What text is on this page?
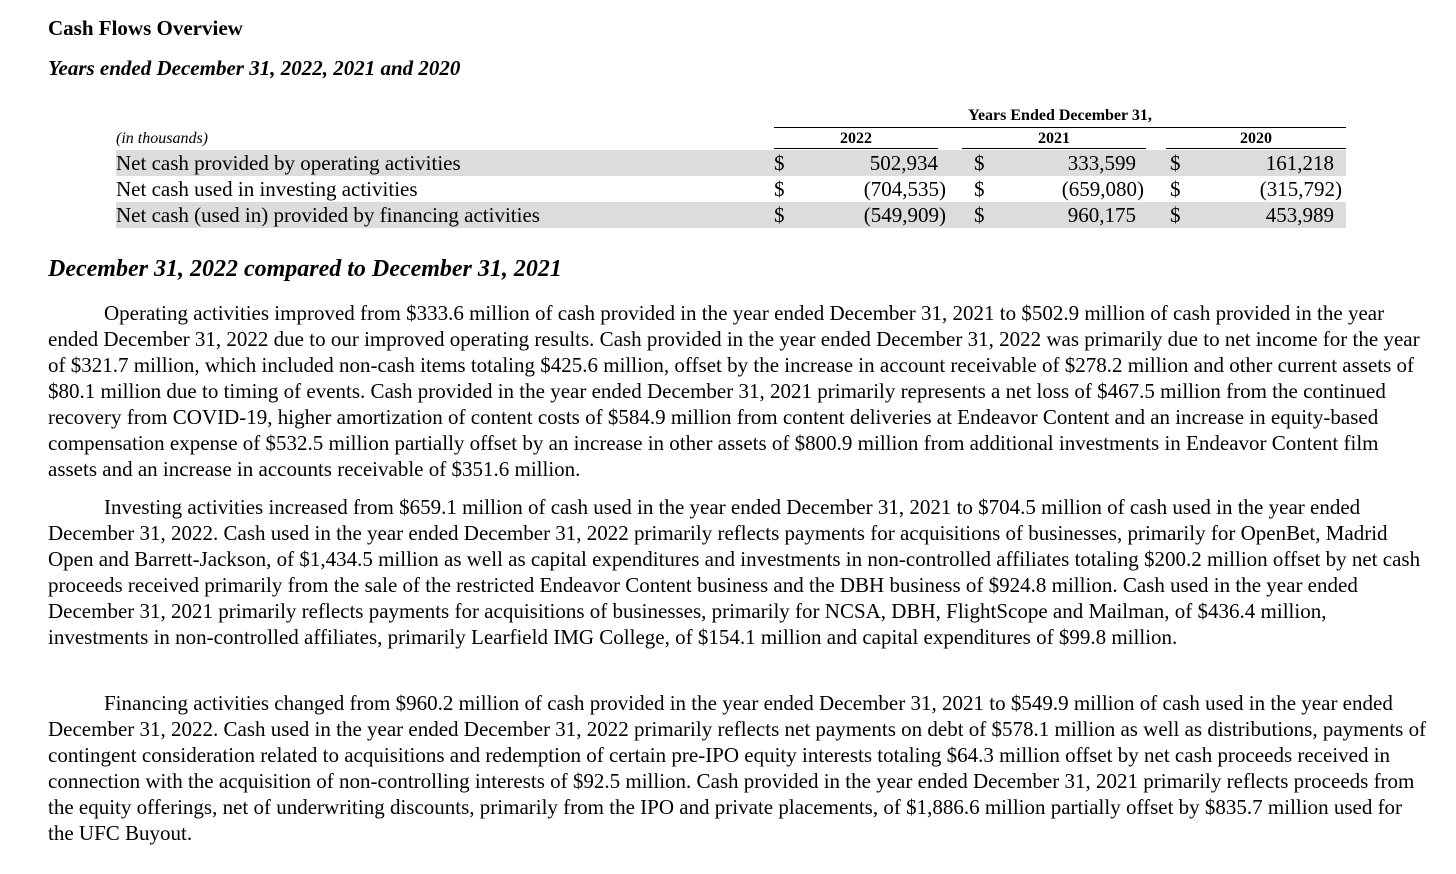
Cash Flows Overview
Years ended December 31, 2022, 2021 and 2020
Years Ended December 31,
(in thousands)	2022	2021	2020
Net cash provided by operating activities	$	502,934 $	333,599 $	161,218
Net cash used in investing activities	$	(704,535) $	(659,080) $	(315,792)
Net cash (used in) provided by financing activities	$	(549,909) $	960,175 $	453,989
December 31, 2022 compared to December 31, 2021

Operating activities improved from $333.6 million of cash provided in the year ended December 31, 2021 to $502.9 million of cash provided in the year ended December 31, 2022 due to our improved operating results. Cash provided in the year ended December 31, 2022 was primarily due to net income for the year of $321.7 million, which included non-cash items totaling $425.6 million, offset by the increase in account receivable of $278.2 million and other current assets of $80.1 million due to timing of events. Cash provided in the year ended December 31, 2021 primarily represents a net loss of $467.5 million from the continued recovery from COVID-19, higher amortization of content costs of $584.9 million from content deliveries at Endeavor Content and an increase in equity-based compensation expense of $532.5 million partially offset by an increase in other assets of $800.9 million from additional investments in Endeavor Content film assets and an increase in accounts receivable of $351.6 million.

Investing activities increased from $659.1 million of cash used in the year ended December 31, 2021 to $704.5 million of cash used in the year ended December 31, 2022. Cash used in the year ended December 31, 2022 primarily reflects payments for acquisitions of businesses, primarily for OpenBet, Madrid Open and Barrett-Jackson, of $1,434.5 million as well as capital expenditures and investments in non-controlled affiliates totaling $200.2 million offset by net cash proceeds received primarily from the sale of the restricted Endeavor Content business and the DBH business of $924.8 million. Cash used in the year ended December 31, 2021 primarily reflects payments for acquisitions of businesses, primarily for NCSA, DBH, FlightScope and Mailman, of $436.4 million, investments in non-controlled affiliates, primarily Learfield IMG College, of $154.1 million and capital expenditures of $99.8 million.

Financing activities changed from $960.2 million of cash provided in the year ended December 31, 2021 to $549.9 million of cash used in the year ended December 31, 2022. Cash used in the year ended December 31, 2022 primarily reflects net payments on debt of $578.1 million as well as distributions, payments of contingent consideration related to acquisitions and redemption of certain pre-IPO equity interests totaling $64.3 million offset by net cash proceeds received in connection with the acquisition of non-controlling interests of $92.5 million. Cash provided in the year ended December 31, 2021 primarily reflects proceeds from the equity offerings, net of underwriting discounts, primarily from the IPO and private placements, of $1,886.6 million partially offset by $835.7 million used for the UFC Buyout.
